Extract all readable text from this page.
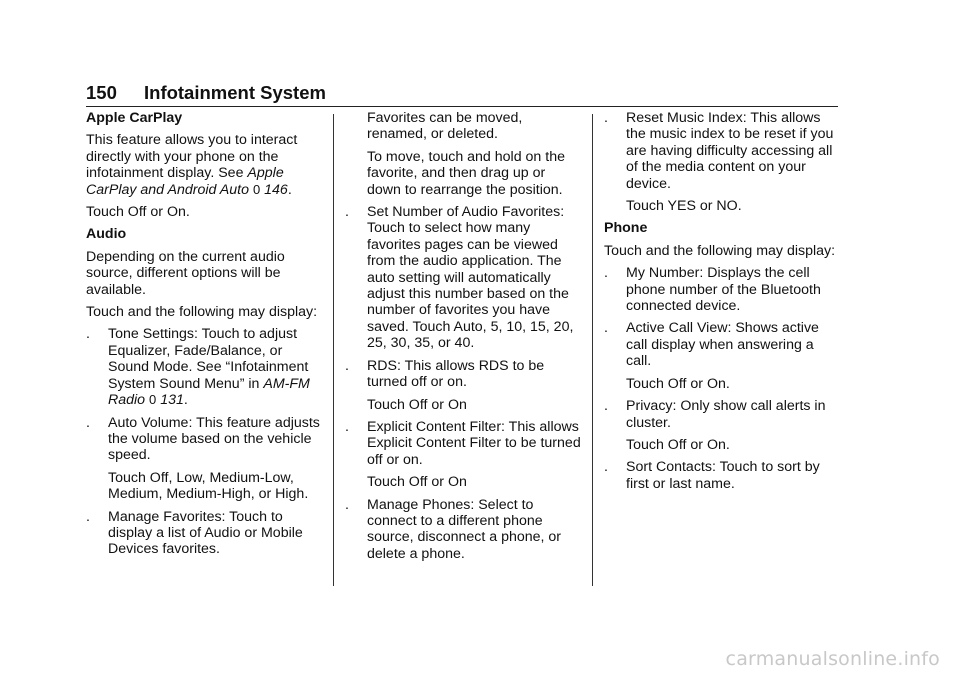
150 Infotainment System

Apple CarPlay

This feature allows you to interact directly with your phone on the infotainment display. See Apple CarPlay and Android Auto 0 146.

Touch Off or On.

Audio

Depending on the current audio source, different options will be available.

Touch and the following may display:

. Tone Settings: Touch to adjust Equalizer, Fade/Balance, or Sound Mode. See “Infotainment System Sound Menu” in AM-FM Radio 0 131.
. Auto Volume: This feature adjusts the volume based on the vehicle speed.

Touch Off, Low, Medium-Low, Medium, Medium-High, or High.

. Manage Favorites: Touch to display a list of Audio or Mobile Devices favorites.

Favorites can be moved, renamed, or deleted.

To move, touch and hold on the favorite, and then drag up or down to rearrange the position.

. Set Number of Audio Favorites: Touch to select how many favorites pages can be viewed from the audio application. The auto setting will automatically adjust this number based on the number of favorites you have saved. Touch Auto, 5, 10, 15, 20, 25, 30, 35, or 40.
. RDS: This allows RDS to be turned off or on.

Touch Off or On

. Explicit Content Filter: This allows Explicit Content Filter to be turned off or on.

Touch Off or On

. Manage Phones: Select to connect to a different phone source, disconnect a phone, or delete a phone.
. Reset Music Index: This allows the music index to be reset if you are having difficulty accessing all of the media content on your device.

Touch YES or NO.

Phone

Touch and the following may display:

. My Number: Displays the cell phone number of the Bluetooth connected device.
. Active Call View: Shows active call display when answering a call.

Touch Off or On.

. Privacy: Only show call alerts in cluster.

Touch Off or On.

. Sort Contacts: Touch to sort by first or last name.
carmanualsonline.info
